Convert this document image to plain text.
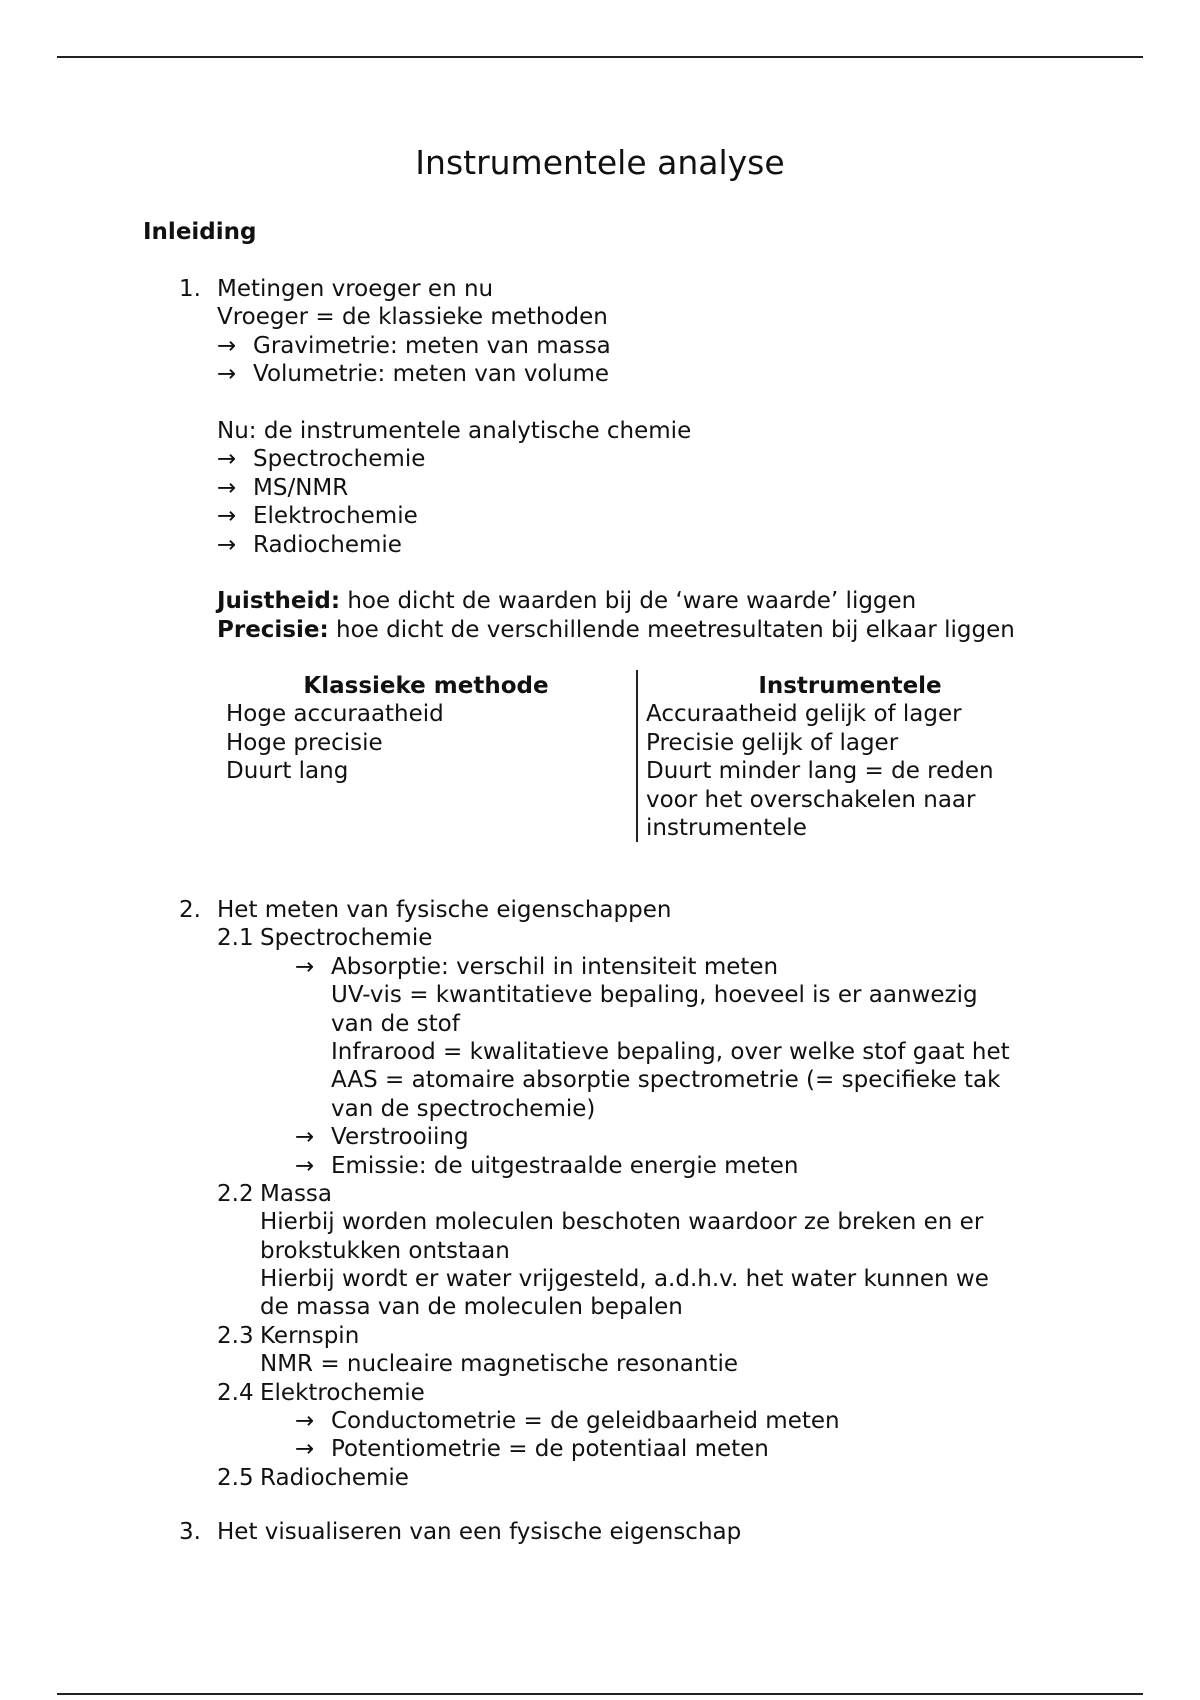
Instrumentele analyse
Inleiding
1. Metingen vroeger en nu
Vroeger = de klassieke methoden
→ Gravimetrie: meten van massa
→ Volumetrie: meten van volume
Nu: de instrumentele analytische chemie
→ Spectrochemie
→ MS/NMR
→ Elektrochemie
→ Radiochemie
Juistheid: hoe dicht de waarden bij de ‘ware waarde’ liggen
Precisie: hoe dicht de verschillende meetresultaten bij elkaar liggen
Klassieke methode
Hoge accuraatheid
Hoge precisie
Duurt lang
Instrumentele
Accuraatheid gelijk of lager
Precisie gelijk of lager
Duurt minder lang = de reden
voor het overschakelen naar
instrumentele
2. Het meten van fysische eigenschappen
2.1 Spectrochemie
→ Absorptie: verschil in intensiteit meten
UV-vis = kwantitatieve bepaling, hoeveel is er aanwezig
van de stof
Infrarood = kwalitatieve bepaling, over welke stof gaat het
AAS = atomaire absorptie spectrometrie (= specifieke tak
van de spectrochemie)
→ Verstrooiing
→ Emissie: de uitgestraalde energie meten
2.2 Massa
Hierbij worden moleculen beschoten waardoor ze breken en er
brokstukken ontstaan
Hierbij wordt er water vrijgesteld, a.d.h.v. het water kunnen we
de massa van de moleculen bepalen
2.3 Kernspin
NMR = nucleaire magnetische resonantie
2.4 Elektrochemie
→ Conductometrie = de geleidbaarheid meten
→ Potentiometrie = de potentiaal meten
2.5 Radiochemie
3. Het visualiseren van een fysische eigenschap
